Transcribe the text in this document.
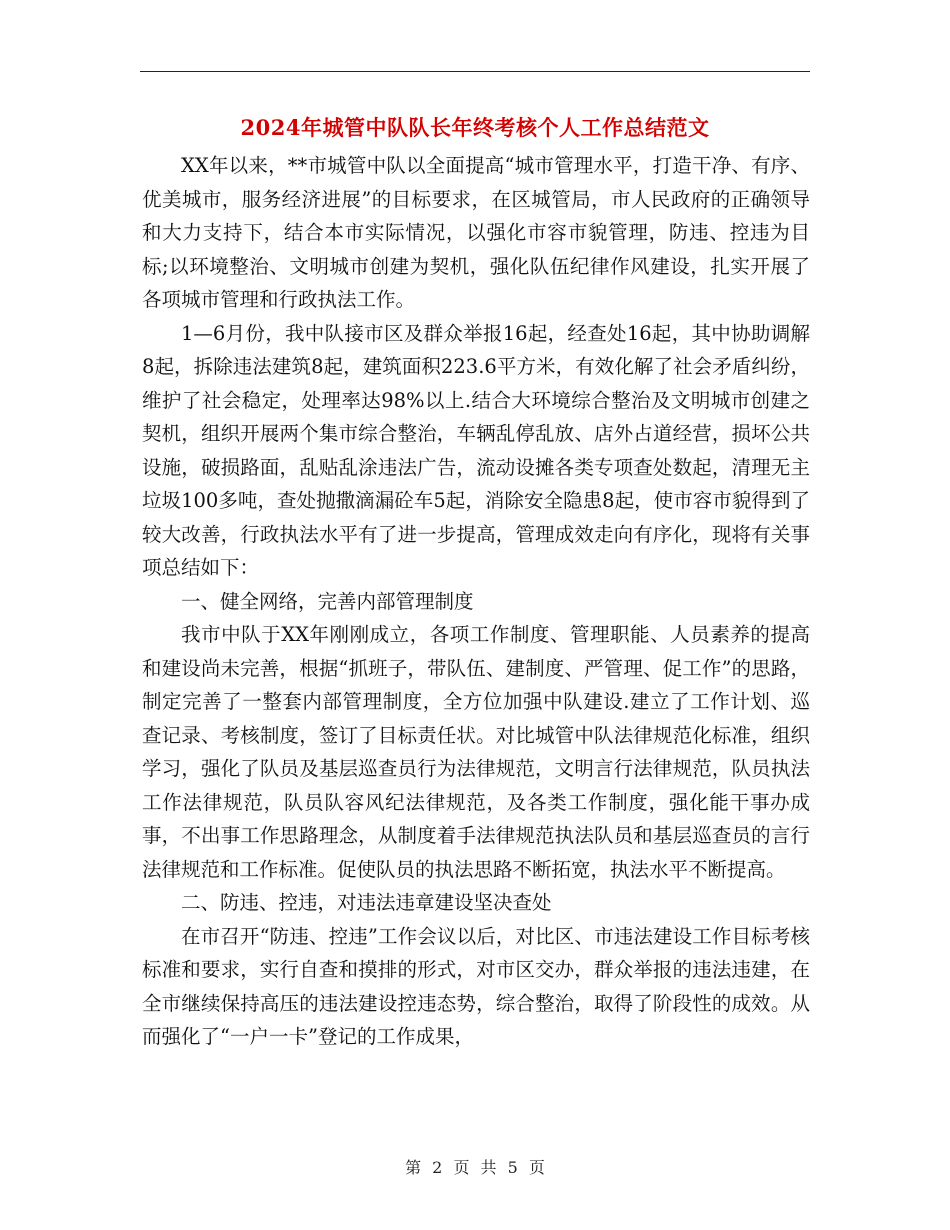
2024年城管中队队长年终考核个人工作总结范文

XX年以来，**市城管中队以全面提高“城市管理水平，打造干净、有序、优美城市，服务经济进展”的目标要求，在区城管局，市人民政府的正确领导和大力支持下，结合本市实际情况，以强化市容市貌管理，防违、控违为目标;以环境整治、文明城市创建为契机，强化队伍纪律作风建设，扎实开展了各项城市管理和行政执法工作。

1—6月份，我中队接市区及群众举报16起，经查处16起，其中协助调解8起，拆除违法建筑8起，建筑面积223.6平方米，有效化解了社会矛盾纠纷，维护了社会稳定，处理率达98%以上.结合大环境综合整治及文明城市创建之契机，组织开展两个集市综合整治，车辆乱停乱放、店外占道经营，损坏公共设施，破损路面，乱贴乱涂违法广告，流动设摊各类专项查处数起，清理无主垃圾100多吨，查处抛撒滴漏砼车5起，消除安全隐患8起，使市容市貌得到了较大改善，行政执法水平有了进一步提高，管理成效走向有序化，现将有关事项总结如下：

一、健全网络，完善内部管理制度

我市中队于XX年刚刚成立，各项工作制度、管理职能、人员素养的提高和建设尚未完善，根据“抓班子，带队伍、建制度、严管理、促工作”的思路，制定完善了一整套内部管理制度，全方位加强中队建设.建立了工作计划、巡查记录、考核制度，签订了目标责任状。对比城管中队法律规范化标准，组织学习，强化了队员及基层巡查员行为法律规范，文明言行法律规范，队员执法工作法律规范，队员队容风纪法律规范，及各类工作制度，强化能干事办成事，不出事工作思路理念，从制度着手法律规范执法队员和基层巡查员的言行法律规范和工作标准。促使队员的执法思路不断拓宽，执法水平不断提高。

二、防违、控违，对违法违章建设坚决查处

在市召开“防违、控违”工作会议以后，对比区、市违法建设工作目标考核标准和要求，实行自查和摸排的形式，对市区交办，群众举报的违法违建，在全市继续保持高压的违法建设控违态势，综合整治，取得了阶段性的成效。从而强化了“一户一卡”登记的工作成果，

第 2 页 共 5 页
